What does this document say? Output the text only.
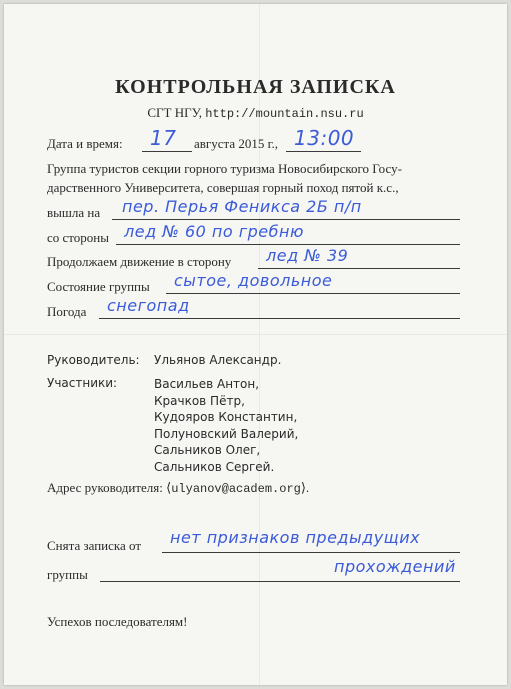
КОНТРОЛЬНАЯ ЗАПИСКА
СГТ НГУ, http://mountain.nsu.ru
Дата и время: 17 августа 2015 г., 13:00
Группа туристов секции горного туризма Новосибирского Госу-
дарственного Университета, совершая горный поход пятой к.с.,
вышла на пер. Перья Феникса 2Б п/п
со стороны лед № 60 по гребню
Продолжаем движение в сторону лед № 39
Состояние группы сытое, довольное
Погода снегопад
Руководитель: Ульянов Александр.
Участники:	Васильев Антон,
Крачков Пётр,
Кудояров Константин,
Полуновский Валерий,
Сальников Олег,
Сальников Сергей.
Адрес руководителя: ⟨ulyanov@academ.org⟩.
Снята записка от нет признаков предыдущих
группы	прохождений
Успехов последователям!
